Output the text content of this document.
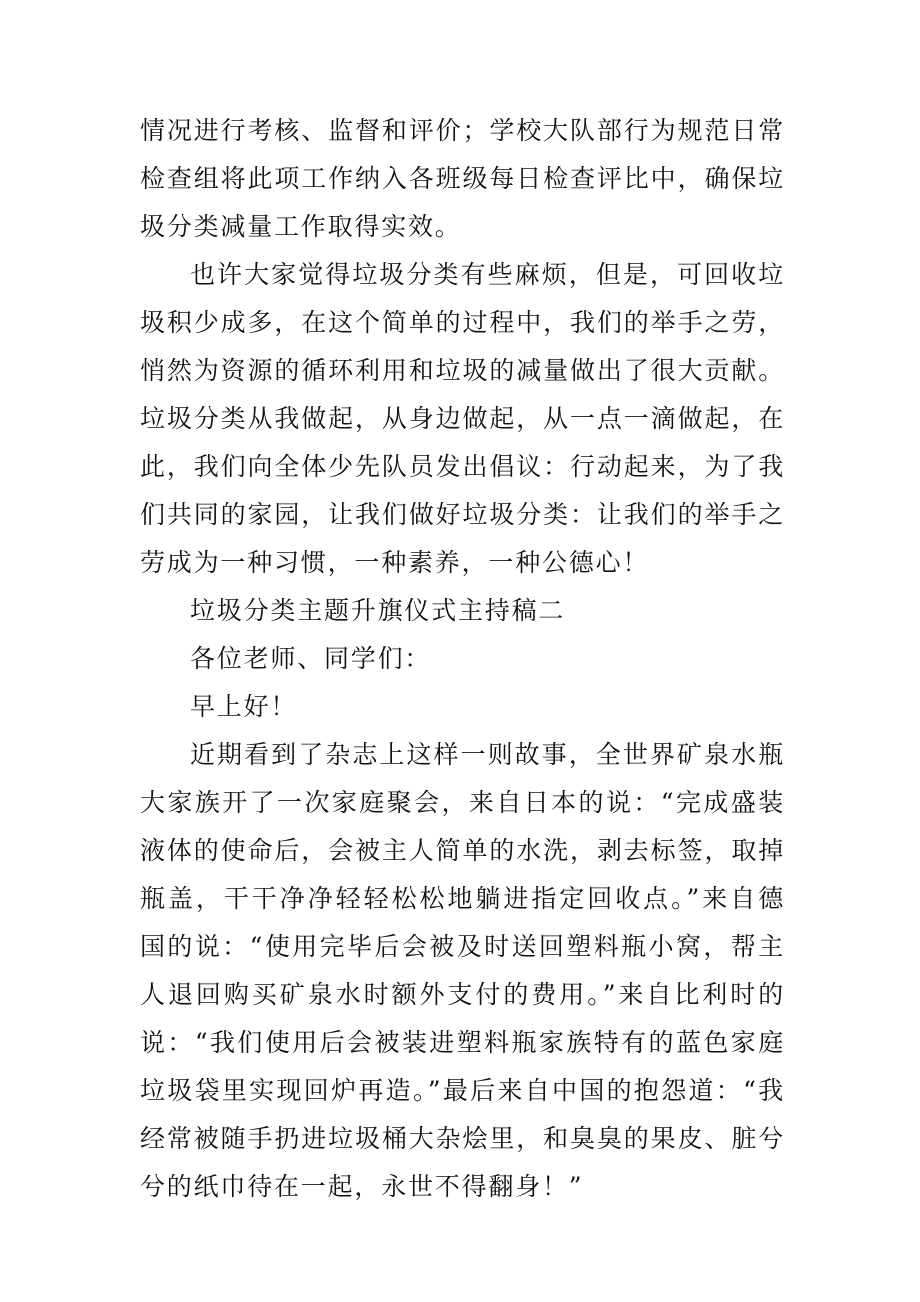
情况进行考核、监督和评价；学校大队部行为规范日常检查组将此项工作纳入各班级每日检查评比中，确保垃圾分类减量工作取得实效。

也许大家觉得垃圾分类有些麻烦，但是，可回收垃圾积少成多，在这个简单的过程中，我们的举手之劳，悄然为资源的循环利用和垃圾的减量做出了很大贡献。垃圾分类从我做起，从身边做起，从一点一滴做起，在此，我们向全体少先队员发出倡议：行动起来，为了我们共同的家园，让我们做好垃圾分类：让我们的举手之劳成为一种习惯，一种素养，一种公德心！

垃圾分类主题升旗仪式主持稿二

各位老师、同学们：

早上好！

近期看到了杂志上这样一则故事，全世界矿泉水瓶大家族开了一次家庭聚会，来自日本的说：“完成盛装液体的使命后，会被主人简单的水洗，剥去标签，取掉瓶盖，干干净净轻轻松松地躺进指定回收点。”来自德国的说：“使用完毕后会被及时送回塑料瓶小窝，帮主人退回购买矿泉水时额外支付的费用。”来自比利时的说：“我们使用后会被装进塑料瓶家族特有的蓝色家庭垃圾袋里实现回炉再造。”最后来自中国的抱怨道：“我经常被随手扔进垃圾桶大杂烩里，和臭臭的果皮、脏兮兮的纸巾待在一起，永世不得翻身！”
